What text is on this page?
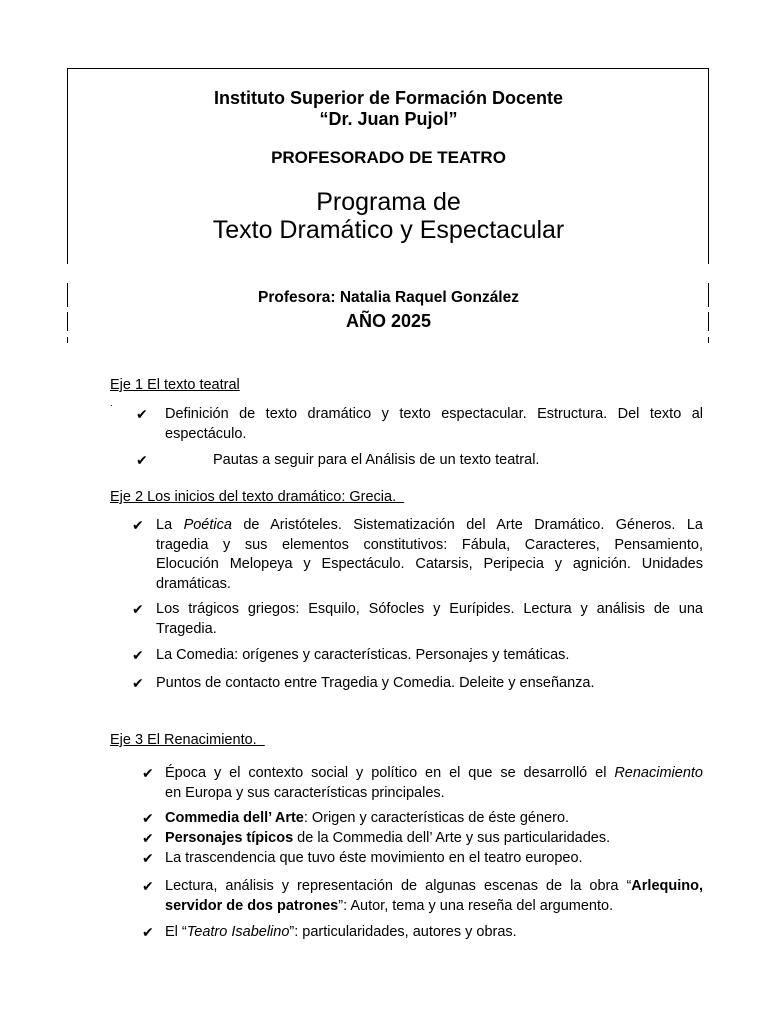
Instituto Superior de Formación Docente
“Dr. Juan Pujol”
PROFESORADO DE TEATRO
Programa de
Texto Dramático y Espectacular
Profesora: Natalia Raquel González
AÑO 2025
Eje 1 El texto teatral
.
✔ Definición de texto dramático y texto espectacular. Estructura. Del texto al
espectáculo.
✔	Pautas a seguir para el Análisis de un texto teatral.
Eje 2 Los inicios del texto dramático: Grecia.
✔ La Poética de Aristóteles. Sistematización del Arte Dramático. Géneros. La
tragedia y sus elementos constitutivos: Fábula, Caracteres, Pensamiento,
Elocución Melopeya y Espectáculo. Catarsis, Peripecia y agnición. Unidades
dramáticas.
✔ Los trágicos griegos: Esquilo, Sófocles y Eurípides. Lectura y análisis de una
Tragedia.
✔ La Comedia: orígenes y características. Personajes y temáticas.
✔ Puntos de contacto entre Tragedia y Comedia. Deleite y enseñanza.
Eje 3 El Renacimiento.
✔ Época y el contexto social y político en el que se desarrolló el Renacimiento
en Europa y sus características principales.
✔ Commedia dell’ Arte: Origen y características de éste género.
✔ Personajes típicos de la Commedia dell’ Arte y sus particularidades.
✔ La trascendencia que tuvo éste movimiento en el teatro europeo.
✔ Lectura, análisis y representación de algunas escenas de la obra “Arlequino,
servidor de dos patrones”: Autor, tema y una reseña del argumento.
✔ El “Teatro Isabelino”: particularidades, autores y obras.
